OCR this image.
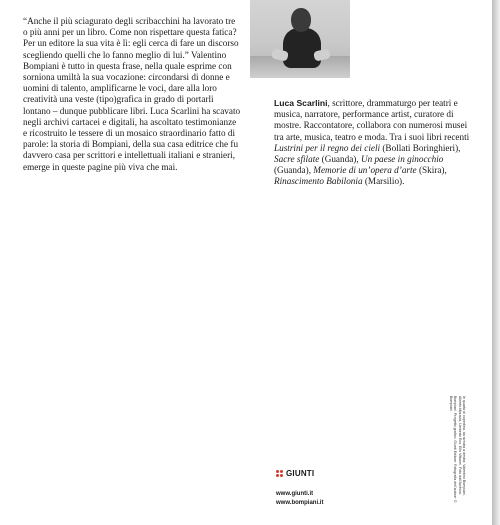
“Anche il più sciagurato degli scribacchini ha lavorato tre o più anni per un libro. Come non rispettare questa fatica? Per un editore la sua vita è lì: egli cerca di fare un discorso scegliendo quelli che lo fanno meglio di lui.” Valentino Bompiani è tutto in questa frase, nella quale esprime con sorniona umiltà la sua vocazione: circondarsi di donne e uomini di talento, amplificarne le voci, dare alla loro creatività una veste (tipo)grafica in grado di portarli lontano – dunque pubblicare libri. Luca Scarlini ha scavato negli archivi cartacei e digitali, ha ascoltato testimonianze e ricostruito le tessere di un mosaico straordinario fatto di parole: la storia di Bompiani, della sua casa editrice che fu davvero casa per scrittori e intellettuali italiani e stranieri, emerge in queste pagine più viva che mai.

Luca Scarlini, scrittore, drammaturgo per teatri e musica, narratore, performance artist, curatore di mostre. Raccontatore, collabora con numerosi musei tra arte, musica, teatro e moda. Tra i suoi libri recenti Lustrini per il regno dei cieli (Bollati Boringhieri), Sacre sfilate (Guanda), Un paese in ginocchio (Guanda), Memorie di un’opera d’arte (Skira), Rinascimento Babilonia (Marsilio).
In quarta di copertina, da sinistra a destra: Valentino Bompiani, Alberto Moravia, Umberto Eco, Elio Vittorini. Foto dall’Archivio Bompiani. Progetto grafico: Giunti Editore. Fotografia dell’autore: © Bompiani.
GIUNTI
www.giunti.it
www.bompiani.it
